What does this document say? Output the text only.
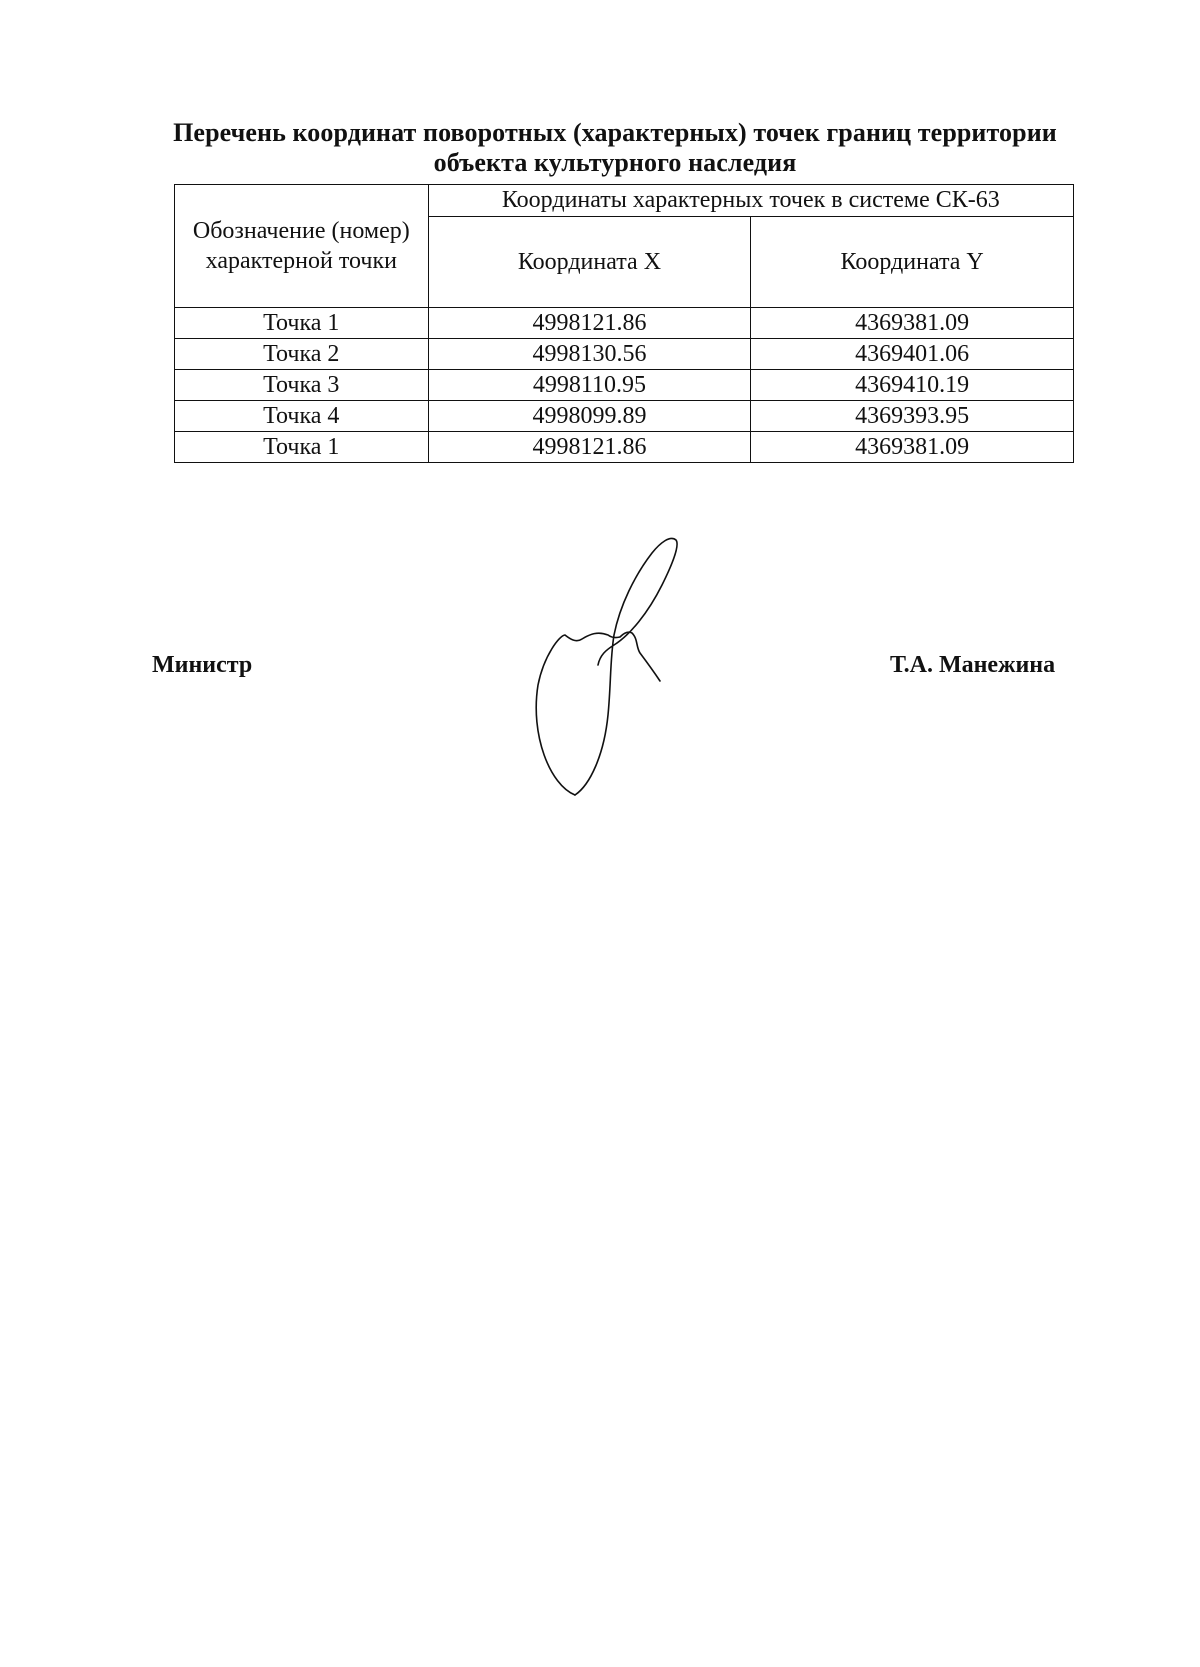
Перечень координат поворотных (характерных) точек границ территории
объекта культурного наследия
Обозначение (номер) характерной точки	Координаты характерных точек в системе СК-63	
	Координата X	Координата Y
Точка 1	4998121.86	4369381.09
Точка 2	4998130.56	4369401.06
Точка 3	4998110.95	4369410.19
Точка 4	4998099.89	4369393.95
Точка 1	4998121.86	4369381.09
Министр	Т.А. Манежина
